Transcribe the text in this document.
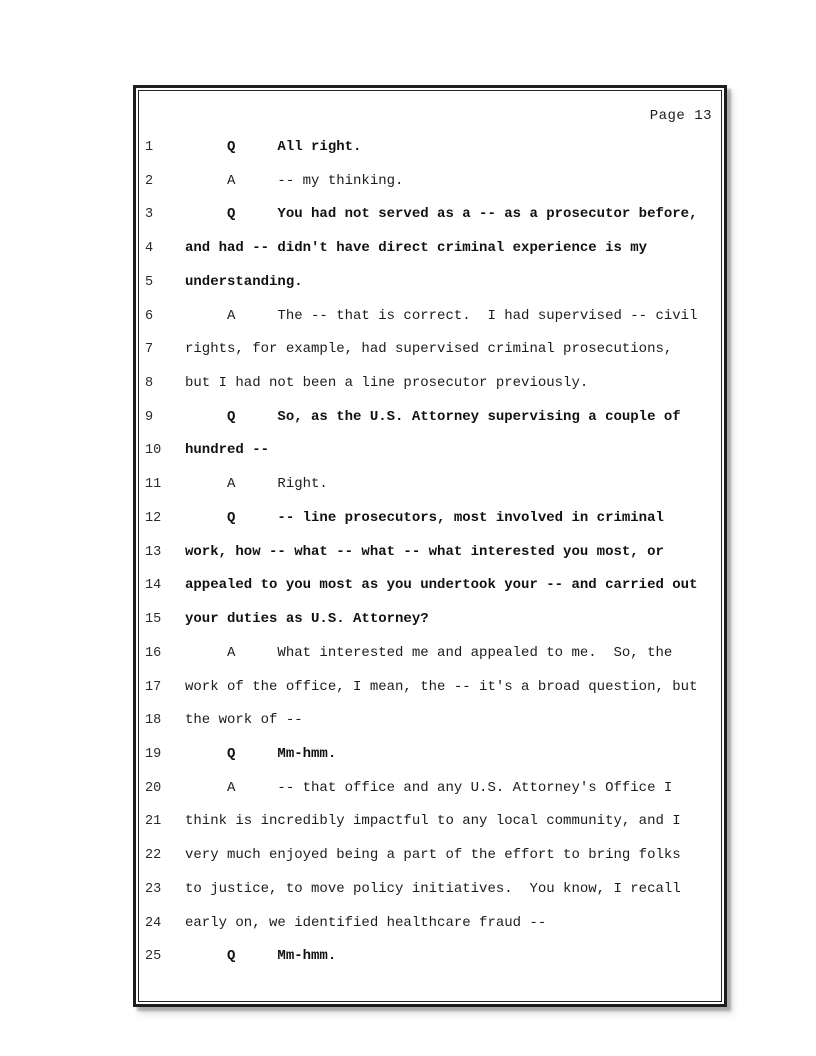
Page 13
1	Q     All right.
2	A     -- my thinking.
3	Q     You had not served as a -- as a prosecutor before,
4	and had -- didn't have direct criminal experience is my
5	understanding.
6	A     The -- that is correct.  I had supervised -- civil
7	rights, for example, had supervised criminal prosecutions,
8	but I had not been a line prosecutor previously.
9	Q     So, as the U.S. Attorney supervising a couple of
10	hundred --
11	A     Right.
12	Q     -- line prosecutors, most involved in criminal
13	work, how -- what -- what -- what interested you most, or
14	appealed to you most as you undertook your -- and carried out
15	your duties as U.S. Attorney?
16	A     What interested me and appealed to me.  So, the
17	work of the office, I mean, the -- it's a broad question, but
18	the work of --
19	Q     Mm-hmm.
20	A     -- that office and any U.S. Attorney's Office I
21	think is incredibly impactful to any local community, and I
22	very much enjoyed being a part of the effort to bring folks
23	to justice, to move policy initiatives.  You know, I recall
24	early on, we identified healthcare fraud --
25	Q     Mm-hmm.
